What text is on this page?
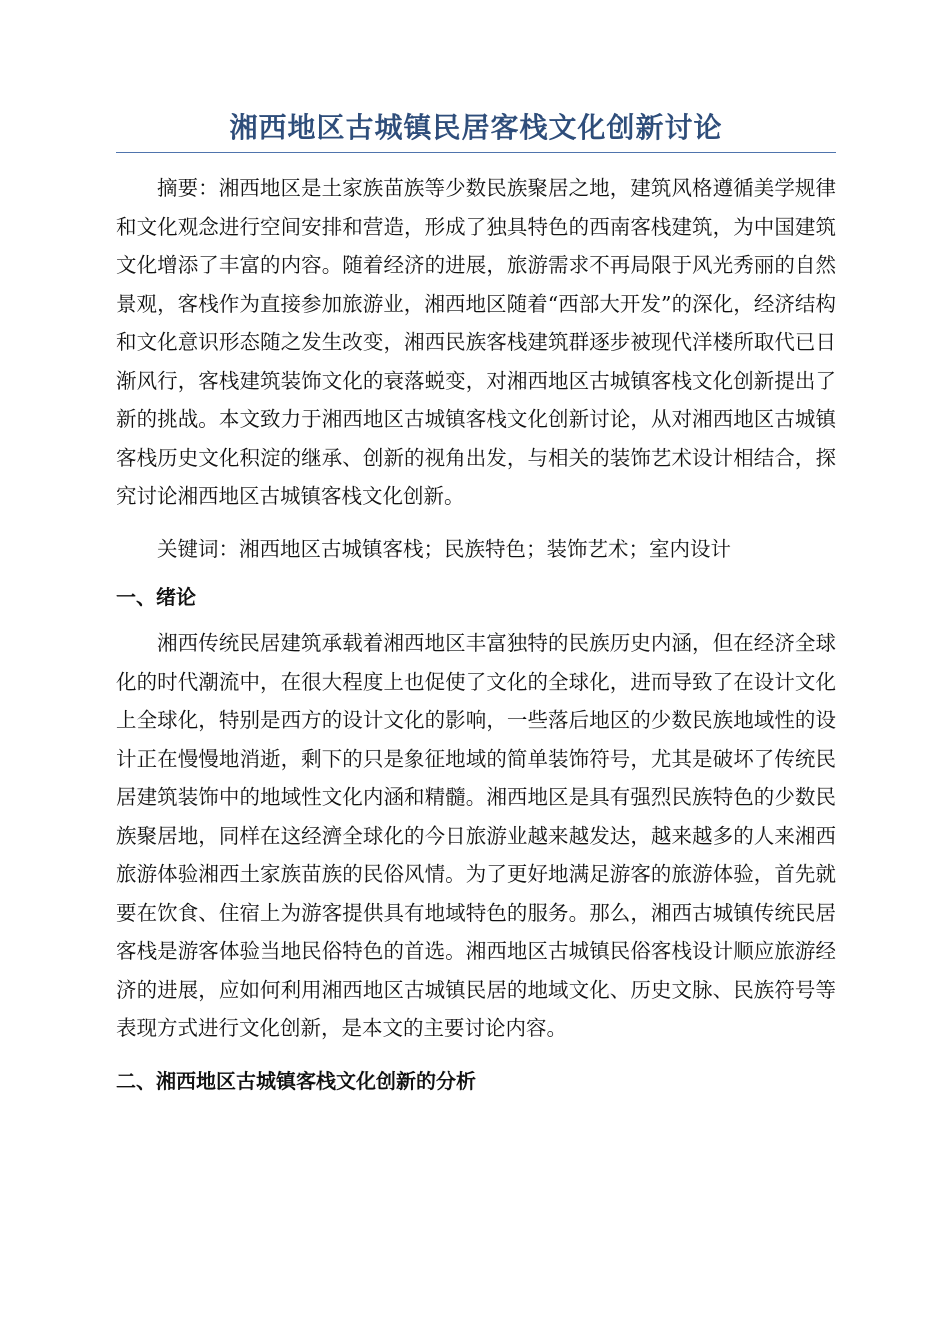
湘西地区古城镇民居客栈文化创新讨论

摘要：湘西地区是土家族苗族等少数民族聚居之地，建筑风格遵循美学规律和文化观念进行空间安排和营造，形成了独具特色的西南客栈建筑，为中国建筑文化增添了丰富的内容。随着经济的进展，旅游需求不再局限于风光秀丽的自然景观，客栈作为直接参加旅游业，湘西地区随着“西部大开发”的深化，经济结构和文化意识形态随之发生改变，湘西民族客栈建筑群逐步被现代洋楼所取代已日渐风行，客栈建筑装饰文化的衰落蜕变，对湘西地区古城镇客栈文化创新提出了新的挑战。本文致力于湘西地区古城镇客栈文化创新讨论，从对湘西地区古城镇客栈历史文化积淀的继承、创新的视角出发，与相关的装饰艺术设计相结合，探究讨论湘西地区古城镇客栈文化创新。

关键词：湘西地区古城镇客栈；民族特色；装饰艺术；室内设计

一、绪论

湘西传统民居建筑承载着湘西地区丰富独特的民族历史内涵，但在经济全球化的时代潮流中，在很大程度上也促使了文化的全球化，进而导致了在设计文化上全球化，特别是西方的设计文化的影响，一些落后地区的少数民族地域性的设计正在慢慢地消逝，剩下的只是象征地域的简单装饰符号，尤其是破坏了传统民居建筑装饰中的地域性文化内涵和精髓。湘西地区是具有强烈民族特色的少数民族聚居地，同样在这经濟全球化的今日旅游业越来越发达，越来越多的人来湘西旅游体验湘西土家族苗族的民俗风情。为了更好地满足游客的旅游体验，首先就要在饮食、住宿上为游客提供具有地域特色的服务。那么，湘西古城镇传统民居客栈是游客体验当地民俗特色的首选。湘西地区古城镇民俗客栈设计顺应旅游经济的进展，应如何利用湘西地区古城镇民居的地域文化、历史文脉、民族符号等表现方式进行文化创新，是本文的主要讨论内容。

二、湘西地区古城镇客栈文化创新的分析
